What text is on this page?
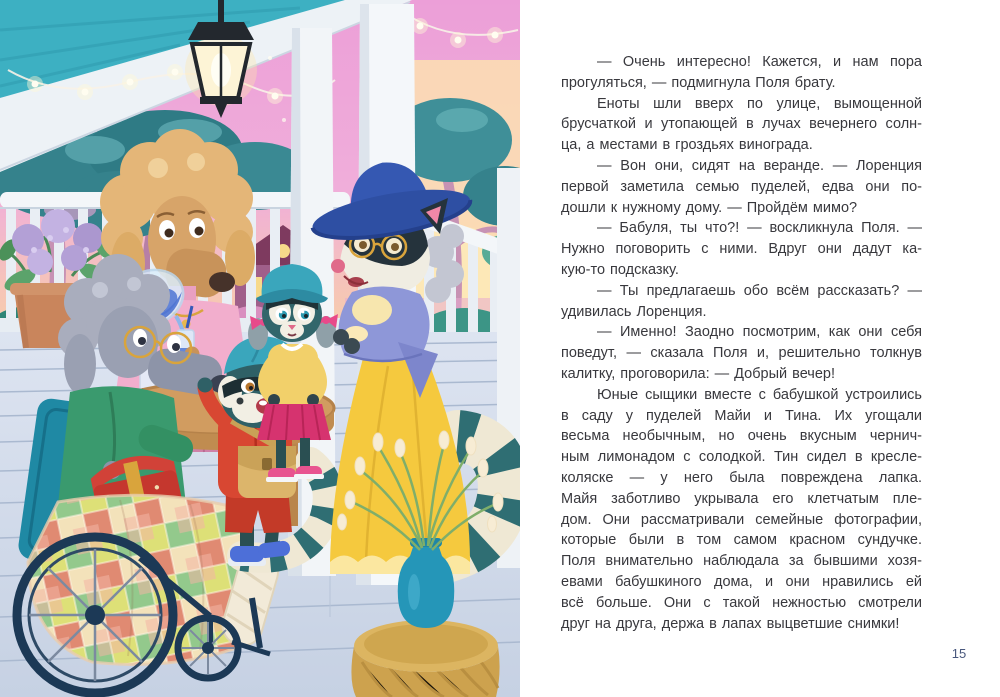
— Очень интересно! Кажется, и нам пора
прогуляться, — подмигнула Поля брату.
Еноты шли вверх по улице, вымощенной
брусчаткой и утопающей в лучах вечернего солн-
ца, а местами в гроздьях винограда.
— Вон они, сидят на веранде. — Лоренция
первой заметила семью пуделей, едва они по-
дошли к нужному дому. — Пройдём мимо?
— Бабуля, ты что?! — воскликнула Поля. —
Нужно поговорить с ними. Вдруг они дадут ка-
кую-то подсказку.
— Ты предлагаешь обо всём рассказать? —
удивилась Лоренция.
— Именно! Заодно посмотрим, как они себя
поведут, — сказала Поля и, решительно толкнув
калитку, проговорила: — Добрый вечер!
Юные сыщики вместе с бабушкой устроились
в саду у пуделей Майи и Тина. Их угощали
весьма необычным, но очень вкусным чернич-
ным лимонадом с солодкой. Тин сидел в кресле-
коляске — у него была повреждена лапка.
Майя заботливо укрывала его клетчатым пле-
дом. Они рассматривали семейные фотографии,
которые были в том самом красном сундучке.
Поля внимательно наблюдала за бывшими хозя-
евами бабушкиного дома, и они нравились ей
всё больше. Они с такой нежностью смотрели
друг на друга, держа в лапах выцветшие снимки!
15
